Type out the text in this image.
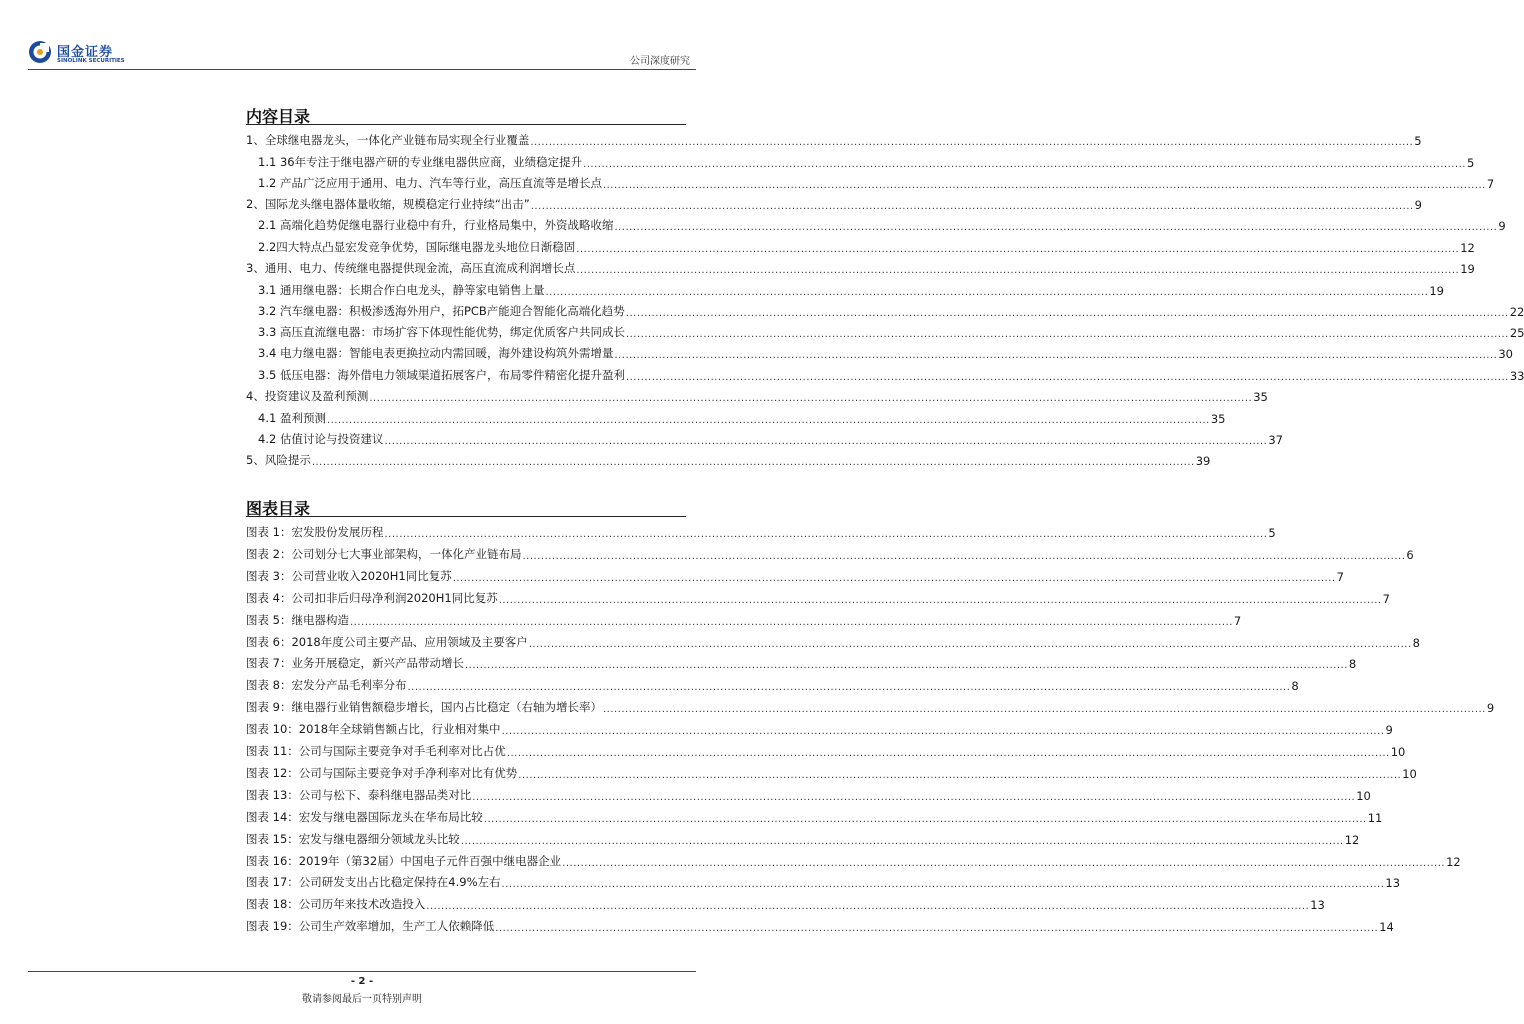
国金证券
SINOLINK SECURITIES	公司深度研究
内容目录
1、全球继电器龙头，一体化产业链布局实现全行业覆盖 .....	5
1.1 36年专注于继电器产研的专业继电器供应商，业绩稳定提升 .....	5
1.2 产品广泛应用于通用、电力、汽车等行业，高压直流等是增长点 .....	7
2、国际龙头继电器体量收缩，规模稳定行业持续“出击” .....	9
2.1 高端化趋势促继电器行业稳中有升，行业格局集中，外资战略收缩 .....	9
2.2四大特点凸显宏发竞争优势，国际继电器龙头地位日渐稳固 .....	12
3、通用、电力、传统继电器提供现金流，高压直流成利润增长点 .....	19
3.1 通用继电器：长期合作白电龙头，静等家电销售上量 .....	19
3.2 汽车继电器：积极渗透海外用户，拓PCB产能迎合智能化高端化趋势 .....	22
3.3 高压直流继电器：市场扩容下体现性能优势，绑定优质客户共同成长 .....	25
3.4 电力继电器：智能电表更换拉动内需回暖，海外建设构筑外需增量 .....	30
3.5 低压电器：海外借电力领域渠道拓展客户，布局零件精密化提升盈利 .....	33
4、投资建议及盈利预测 .....	35
4.1 盈利预测 .....	35
4.2 估值讨论与投资建议 .....	37
5、风险提示 .....	39
图表目录
图表 1：宏发股份发展历程 .....	5
图表 2：公司划分七大事业部架构，一体化产业链布局 .....	6
图表 3：公司营业收入2020H1同比复苏 .....	7
图表 4：公司扣非后归母净利润2020H1同比复苏 .....	7
图表 5：继电器构造 .....	7
图表 6：2018年度公司主要产品、应用领域及主要客户 .....	8
图表 7：业务开展稳定，新兴产品带动增长 .....	8
图表 8：宏发分产品毛利率分布 .....	8
图表 9：继电器行业销售额稳步增长，国内占比稳定（右轴为增长率） .....	9
图表 10：2018年全球销售额占比，行业相对集中 .....	9
图表 11：公司与国际主要竞争对手毛利率对比占优 .....	10
图表 12：公司与国际主要竞争对手净利率对比有优势 .....	10
图表 13：公司与松下、泰科继电器品类对比 .....	10
图表 14：宏发与继电器国际龙头在华布局比较 .....	11
图表 15：宏发与继电器细分领域龙头比较 .....	12
图表 16：2019年（第32届）中国电子元件百强中继电器企业 .....	12
图表 17：公司研发支出占比稳定保持在4.9%左右 .....	13
图表 18：公司历年来技术改造投入 .....	13
图表 19：公司生产效率增加，生产工人依赖降低 .....	14
- 2 -
敬请参阅最后一页特别声明
